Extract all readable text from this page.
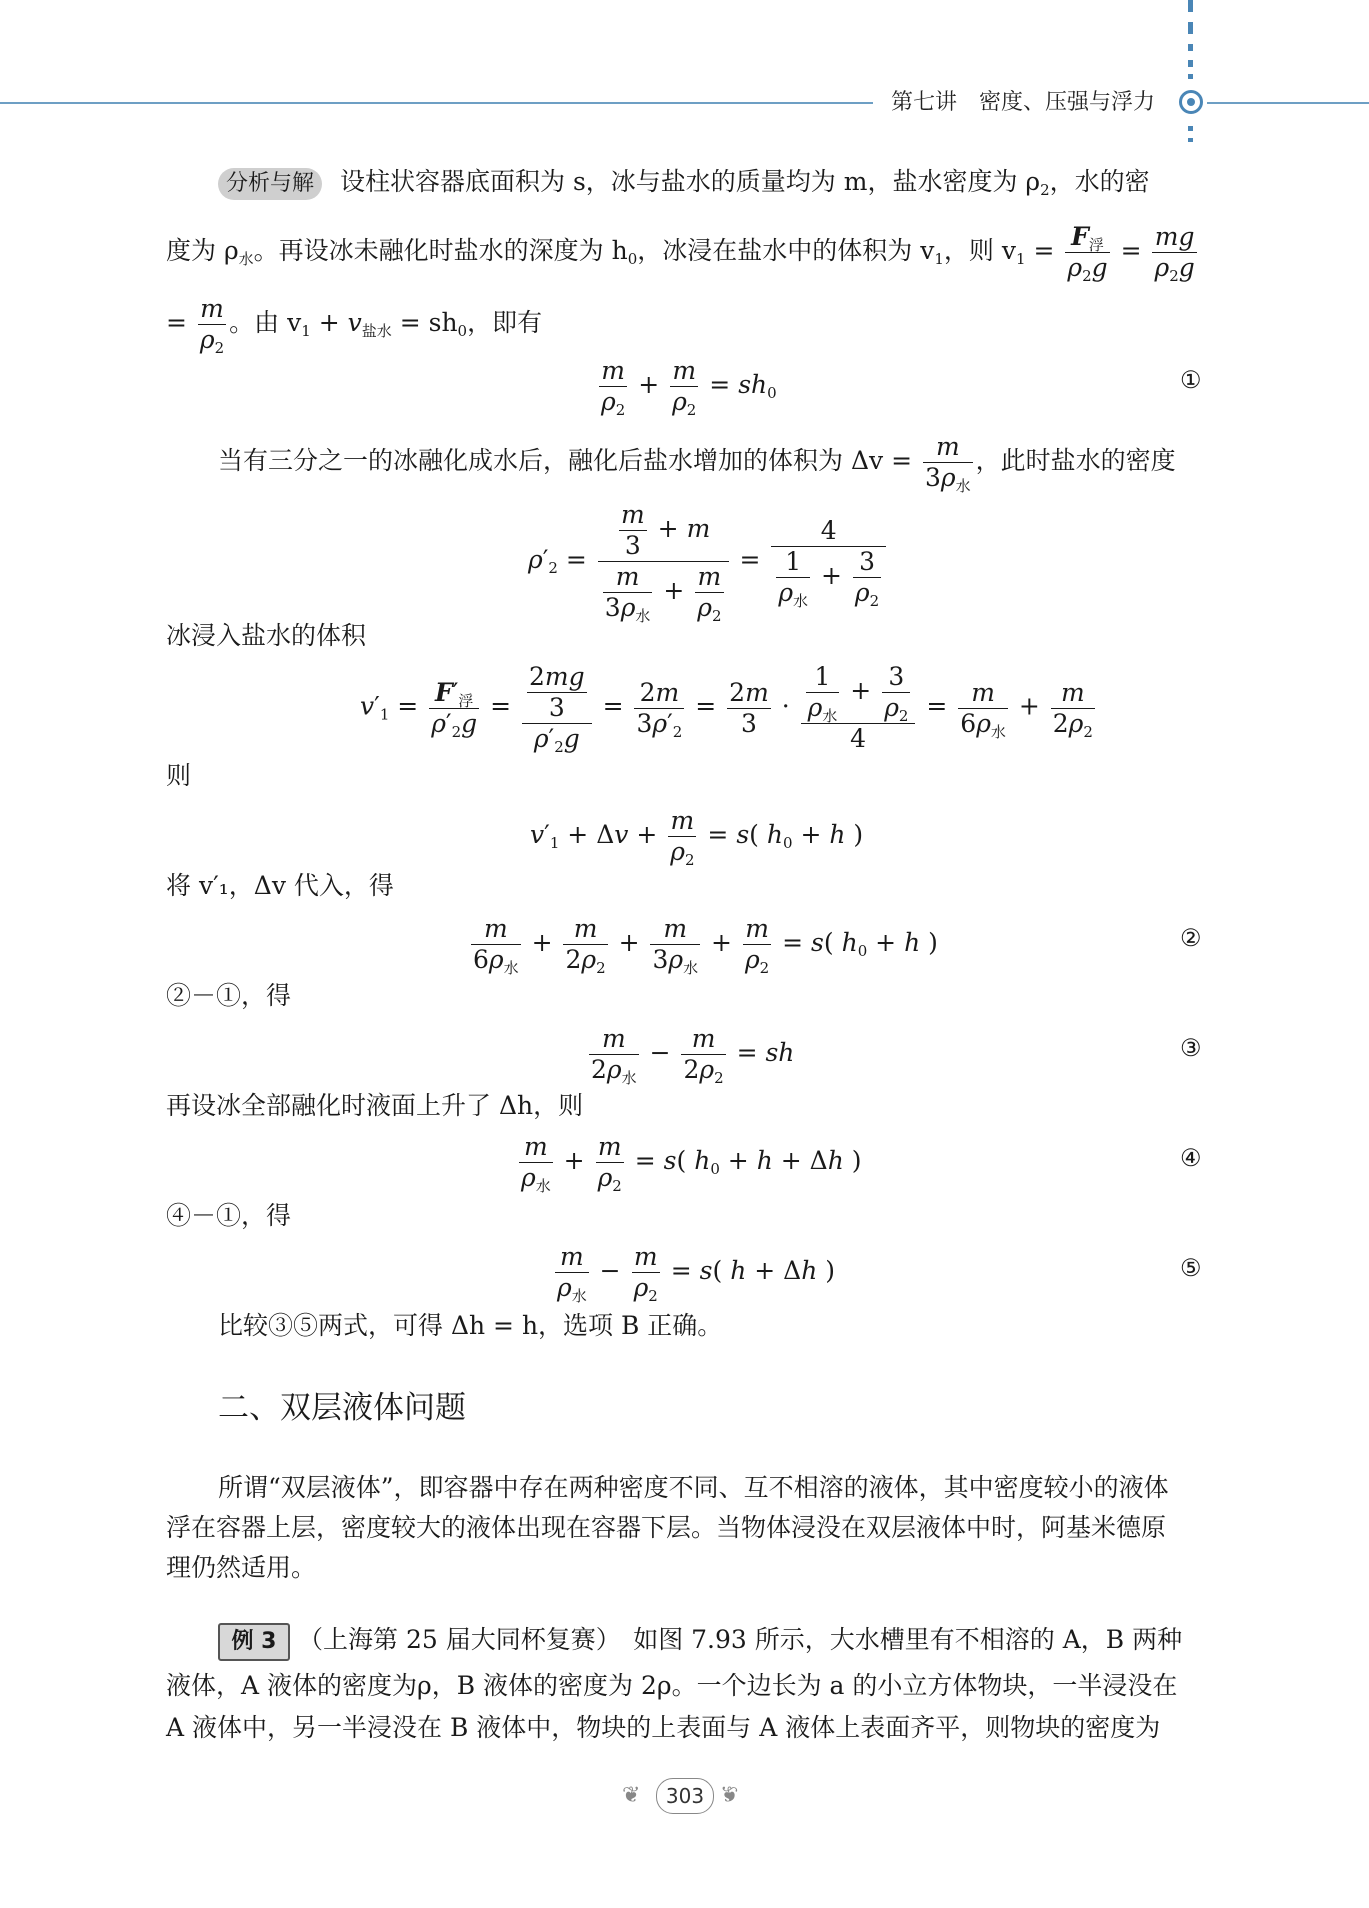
第七讲　密度、压强与浮力
分析与解 设柱状容器底面积为 s，冰与盐水的质量均为 m，盐水密度为 $\rho_2$，水的密
度为 $\rho_水$。再设冰未融化时盐水的深度为 $h_0$，冰浸在盐水中的体积为 $v_1$，则 $v_1 = \frac{F_浮}{\rho_2g} = \frac{mg}{\rho_2g}$
= $\frac{m}{\rho_2}$ 。由 $v_1 + v_{盐水} = sh_0$，即有
$\frac{m}{\rho_2} + \frac{m}{\rho_2} = sh_0$	①
当有三分之一的冰融化成水后，融化后盐水增加的体积为 $\Delta v = \frac{m}{3\rho_水}$ ，此时盐水的密度
$\rho'_2 = \frac{\frac{m}{3} + m}{\frac{m}{3\rho_水} + \frac{m}{\rho_2}} = \frac{4}{\frac{1}{\rho_水} + \frac{3}{\rho_2}}$
冰浸入盐水的体积
$v'_1 = \frac{F'_浮}{\rho'_2g} = \frac{\frac{2mg}{3}}{\rho'_2g} = \frac{2m}{3\rho'_2} = \frac{2m}{3} \cdot \frac{\frac{1}{\rho_水} + \frac{3}{\rho_2}}{4} = \frac{m}{6\rho_水} + \frac{m}{2\rho_2}$
则
$v'_1 + \Delta v + \frac{m}{\rho_2} = s$( $h_0 + h$ )
将 v′₁，Δv 代入，得
$\frac{m}{6\rho_水} + \frac{m}{2\rho_2} + \frac{m}{3\rho_水} + \frac{m}{\rho_2} = s$( $h_0 + h$ )	②
②－①，得
$\frac{m}{2\rho_水} - \frac{m}{2\rho_2}$ = sh	③
再设冰全部融化时液面上升了 Δh，则
$\frac{m}{\rho_水} + \frac{m}{\rho_2} = s$( $h_0 + h + \Delta h$ )	④
④－①，得
$\frac{m}{\rho_水} - \frac{m}{\rho_2} = s$( h + Δh )	⑤
比较③⑤两式，可得 Δh = h，选项 B 正确。
二、双层液体问题
所谓“双层液体”，即容器中存在两种密度不同、互不相溶的液体，其中密度较小的液体
浮在容器上层，密度较大的液体出现在容器下层。当物体浸没在双层液体中时，阿基米德原
理仍然适用。
例 3 （上海第 25 届大同杯复赛）　如图 7.93 所示，大水槽里有不相溶的 A，B 两种
液体，A 液体的密度为ρ，B 液体的密度为 2ρ。一个边长为 a 的小立方体物块，一半浸没在
A 液体中，另一半浸没在 B 液体中，物块的上表面与 A 液体上表面齐平，则物块的密度为
❦	303 ❦
